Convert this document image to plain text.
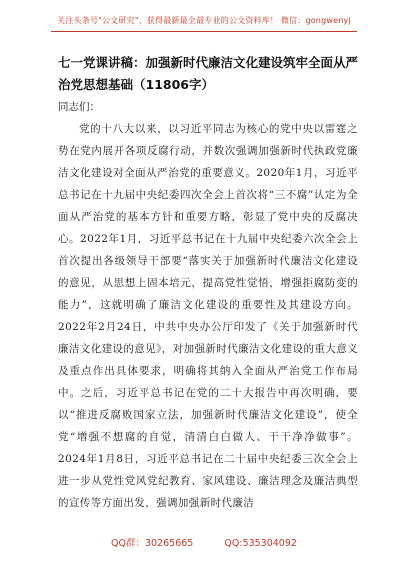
关注头条号"公文研究"，获得最新最全最专业的公文资料库！ 微信：gongwenyj
七一党课讲稿：加强新时代廉洁文化建设筑牢全面从严治党思想基础（11806字）

同志们：

党的十八大以来，以习近平同志为核心的党中央以雷霆之势在党内展开各项反腐行动，并数次强调加强新时代执政党廉洁文化建设对全面从严治党的重要意义。2020年1月，习近平总书记在十九届中央纪委四次全会上首次将“三不腐”认定为全面从严治党的基本方针和重要方略，彰显了党中央的反腐决心。2022年1月，习近平总书记在十九届中央纪委六次全会上首次提出各级领导干部要“落实关于加强新时代廉洁文化建设的意见，从思想上固本培元，提高党性觉悟，增强拒腐防变的能力”，这就明确了廉洁文化建设的重要性及其建设方向。2022年2月24日，中共中央办公厅印发了《关于加强新时代廉洁文化建设的意见》，对加强新时代廉洁文化建设的重大意义及重点作出具体要求，明确将其纳入全面从严治党工作布局中。之后，习近平总书记在党的二十大报告中再次明确，要以“推进反腐败国家立法，加强新时代廉洁文化建设”，使全党“增强不想腐的自觉，清清白白做人、干干净净做事”。2024年1月8日，习近平总书记在二十届中央纪委三次全会上进一步从党性党风党纪教育、家风建设、廉洁理念及廉洁典型的宣传等方面出发，强调加强新时代廉洁

QQ群：30265665	QQ:535304092
